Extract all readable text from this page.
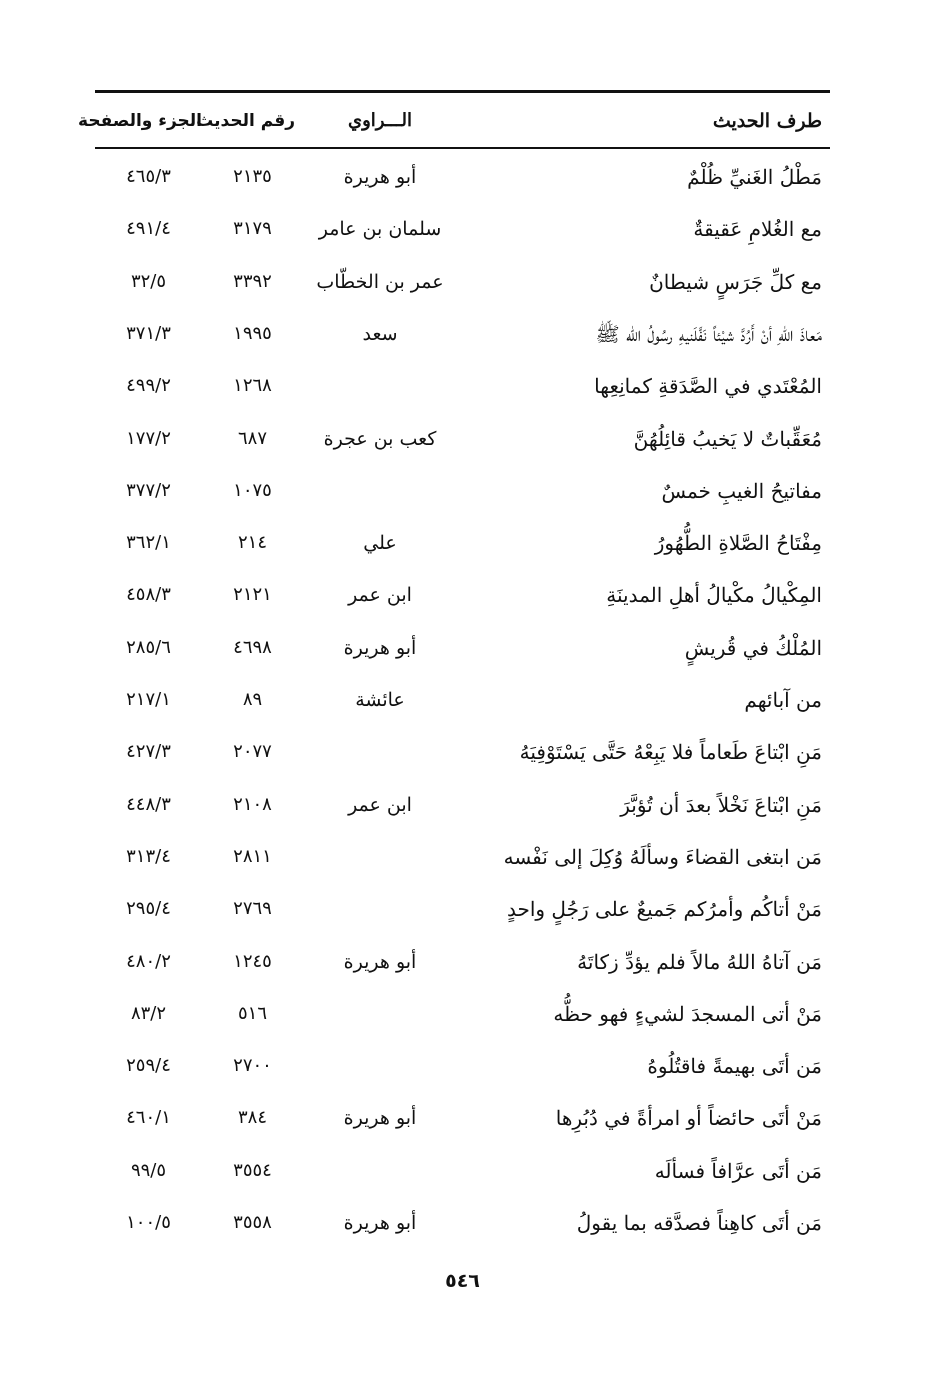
طرف الحديث
الـــراوي
رقم الحديث
الجزء والصفحة
مَطْلُ الغَنيِّ ظُلْمٌ
أبو هريرة
٢١٣٥
٤٦٥/٣
مع الغُلامِ عَقيقةٌ
سلمان بن عامر
٣١٧٩
٤٩١/٤
مع كلِّ جَرَسٍ شيطانٌ
عمر بن الخطّاب
٣٣٩٢
٣٢/٥
مَعاذَ اللهِ أنْ أَرُدَّ شيْئاً نَفَّلَنيهِ رسُولُ الله ﷺ
سعد
١٩٩٥
٣٧١/٣
المُعْتَدي في الصَّدَقةِ كمانِعِها
١٢٦٨
٤٩٩/٢
مُعَقِّباتٌ لا يَخيبُ قائِلُهُنَّ
كعب بن عجرة
٦٨٧
١٧٧/٢
مفاتيحُ الغيبِ خمسٌ
١٠٧٥
٣٧٧/٢
مِفْتَاحُ الصَّلاةِ الطُّهُورُ
علي
٢١٤
٣٦٢/١
المِكْيالُ مكْيالُ أهلِ المدينَةِ
ابن عمر
٢١٢١
٤٥٨/٣
المُلْكُ في قُريشٍ
أبو هريرة
٤٦٩٨
٢٨٥/٦
من آبائهم
عائشة
٨٩
٢١٧/١
مَنِ ابْتاعَ طَعاماً فلا يَبِعْهُ حَتَّى يَسْتَوْفِيَهُ
٢٠٧٧
٤٢٧/٣
مَنِ ابْتاعَ نَخْلاً بعدَ أن تُؤبَّرَ
ابن عمر
٢١٠٨
٤٤٨/٣
مَن ابتغى القضاءَ وسألَهُ وُكِلَ إلى نَفْسه
٢٨١١
٣١٣/٤
مَنْ أتاكُم وأمرُكم جَميعٌ على رَجُلٍ واحدٍ
٢٧٦٩
٢٩٥/٤
مَن آتاهُ اللهُ مالاً فلم يؤدِّ زكاتَهُ
أبو هريرة
١٢٤٥
٤٨٠/٢
مَنْ أتى المسجدَ لشيءٍ فهو حظُّه
٥١٦
٨٣/٢
مَن أتَى بهيمةً فاقتُلُوهُ
٢٧٠٠
٢٥٩/٤
مَنْ أتَى حائضاً أو امرأةً في دُبُرِها
أبو هريرة
٣٨٤
٤٦٠/١
مَن أتَى عرَّافاً فسألَه
٣٥٥٤
٩٩/٥
مَن أتَى كاهِناً فصدَّقه بما يقولُ
أبو هريرة
٣٥٥٨
١٠٠/٥
٥٤٦
